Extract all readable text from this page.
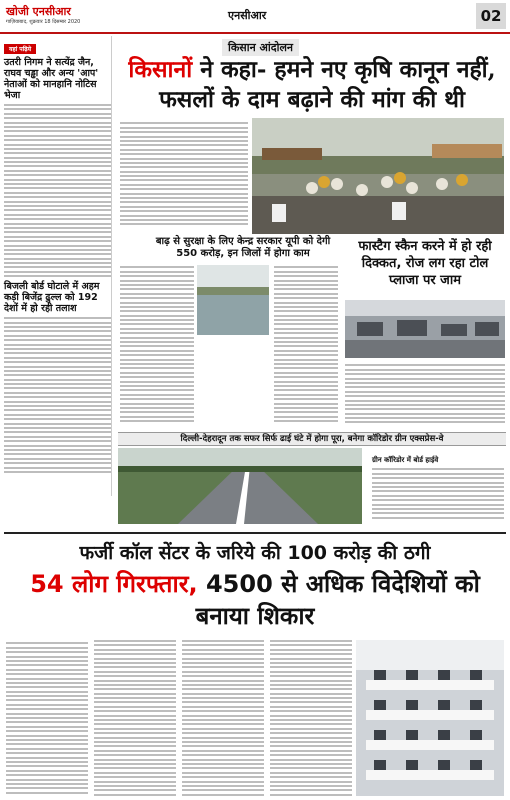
खोजी एनसीआर
गाज़ियाबाद, शुक्रवार 18 दिसम्बर 2020	एनसीआर	02
यहां पढ़िये
उतरी निगम ने सत्येंद्र जैन, राघव चड्ढा और अन्य 'आप' नेताओं को मानहानि नोटिस भेजा
बिजली बोर्ड घोटाले में अहम कड़ी बिजेंद्र ढुल्ल को 192 देशों में हो रही तलाश
किसान आंदोलन
किसानों ने कहा- हमने नए कृषि कानून नहीं, फसलों के दाम बढ़ाने की मांग की थी
बाढ़ से सुरक्षा के लिए केन्द्र सरकार यूपी को देगी 550 करोड़, इन जिलों में होगा काम	फास्टैग स्कैन करने में हो रही दिक्कत, रोज लग रहा टोल प्लाजा पर जाम
दिल्ली-देहरादून तक सफर सिर्फ ढाई घंटे में होगा पूरा, बनेगा कॉरिडोर ग्रीन एक्सप्रेस-वे
ग्रीन कॉरिडोर में बोर्ड हाईवे
फर्जी कॉल सेंटर के जरिये की 100 करोड़ की ठगी
54 लोग गिरफ्तार, 4500 से अधिक विदेशियों को बनाया शिकार
